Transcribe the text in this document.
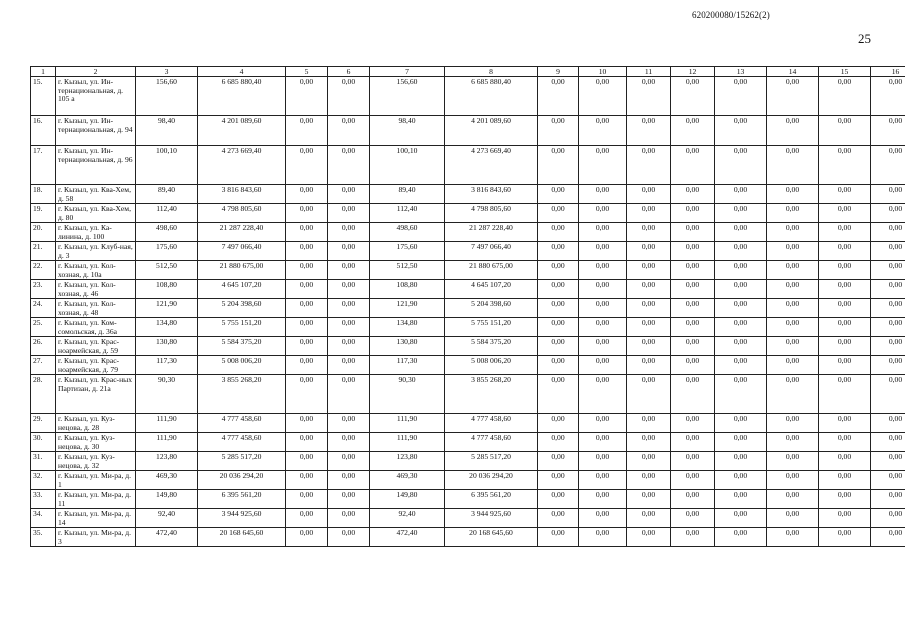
620200080/15262(2)
25
1	2	3	4	5	6	7	8	9	10	11	12	13	14	15	16
15.	г. Кызыл, ул. Ин-тернациональная, д. 105 а	156,60	6 685 880,40	0,00	0,00	156,60	6 685 880,40	0,00	0,00	0,00	0,00	0,00	0,00	0,00	0,00
16.	г. Кызыл, ул. Ин-тернациональная, д. 94	98,40	4 201 089,60	0,00	0,00	98,40	4 201 089,60	0,00	0,00	0,00	0,00	0,00	0,00	0,00	0,00
17.	г. Кызыл, ул. Ин-тернациональная, д. 96	100,10	4 273 669,40	0,00	0,00	100,10	4 273 669,40	0,00	0,00	0,00	0,00	0,00	0,00	0,00	0,00
18.	г. Кызыл, ул. Ква-Хем, д. 58	89,40	3 816 843,60	0,00	0,00	89,40	3 816 843,60	0,00	0,00	0,00	0,00	0,00	0,00	0,00	0,00
19.	г. Кызыл, ул. Ква-Хем, д. 80	112,40	4 798 805,60	0,00	0,00	112,40	4 798 805,60	0,00	0,00	0,00	0,00	0,00	0,00	0,00	0,00
20.	г. Кызыл, ул. Ка-линина, д. 100	498,60	21 287 228,40	0,00	0,00	498,60	21 287 228,40	0,00	0,00	0,00	0,00	0,00	0,00	0,00	0,00
21.	г. Кызыл, ул. Клуб-ная, д. 3	175,60	7 497 066,40	0,00	0,00	175,60	7 497 066,40	0,00	0,00	0,00	0,00	0,00	0,00	0,00	0,00
22.	г. Кызыл, ул. Кол-хозная, д. 10а	512,50	21 880 675,00	0,00	0,00	512,50	21 880 675,00	0,00	0,00	0,00	0,00	0,00	0,00	0,00	0,00
23.	г. Кызыл, ул. Кол-хозная, д. 46	108,80	4 645 107,20	0,00	0,00	108,80	4 645 107,20	0,00	0,00	0,00	0,00	0,00	0,00	0,00	0,00
24.	г. Кызыл, ул. Кол-хозная, д. 48	121,90	5 204 398,60	0,00	0,00	121,90	5 204 398,60	0,00	0,00	0,00	0,00	0,00	0,00	0,00	0,00
25.	г. Кызыл, ул. Ком-сомольская, д. 36а	134,80	5 755 151,20	0,00	0,00	134,80	5 755 151,20	0,00	0,00	0,00	0,00	0,00	0,00	0,00	0,00
26.	г. Кызыл, ул. Крас-ноармейская, д. 59	130,80	5 584 375,20	0,00	0,00	130,80	5 584 375,20	0,00	0,00	0,00	0,00	0,00	0,00	0,00	0,00
27.	г. Кызыл, ул. Крас-ноармейская, д. 79	117,30	5 008 006,20	0,00	0,00	117,30	5 008 006,20	0,00	0,00	0,00	0,00	0,00	0,00	0,00	0,00
28.	г. Кызыл, ул. Крас-ных Партизан, д. 21а	90,30	3 855 268,20	0,00	0,00	90,30	3 855 268,20	0,00	0,00	0,00	0,00	0,00	0,00	0,00	0,00
29.	г. Кызыл, ул. Куз-нецова, д. 28	111,90	4 777 458,60	0,00	0,00	111,90	4 777 458,60	0,00	0,00	0,00	0,00	0,00	0,00	0,00	0,00
30.	г. Кызыл, ул. Куз-нецова, д. 30	111,90	4 777 458,60	0,00	0,00	111,90	4 777 458,60	0,00	0,00	0,00	0,00	0,00	0,00	0,00	0,00
31.	г. Кызыл, ул. Куз-нецова, д. 32	123,80	5 285 517,20	0,00	0,00	123,80	5 285 517,20	0,00	0,00	0,00	0,00	0,00	0,00	0,00	0,00
32.	г. Кызыл, ул. Ми-ра, д. 1	469,30	20 036 294,20	0,00	0,00	469,30	20 036 294,20	0,00	0,00	0,00	0,00	0,00	0,00	0,00	0,00
33.	г. Кызыл, ул. Ми-ра, д. 11	149,80	6 395 561,20	0,00	0,00	149,80	6 395 561,20	0,00	0,00	0,00	0,00	0,00	0,00	0,00	0,00
34.	г. Кызыл, ул. Ми-ра, д. 14	92,40	3 944 925,60	0,00	0,00	92,40	3 944 925,60	0,00	0,00	0,00	0,00	0,00	0,00	0,00	0,00
35.	г. Кызыл, ул. Ми-ра, д. 3	472,40	20 168 645,60	0,00	0,00	472,40	20 168 645,60	0,00	0,00	0,00	0,00	0,00	0,00	0,00	0,00
